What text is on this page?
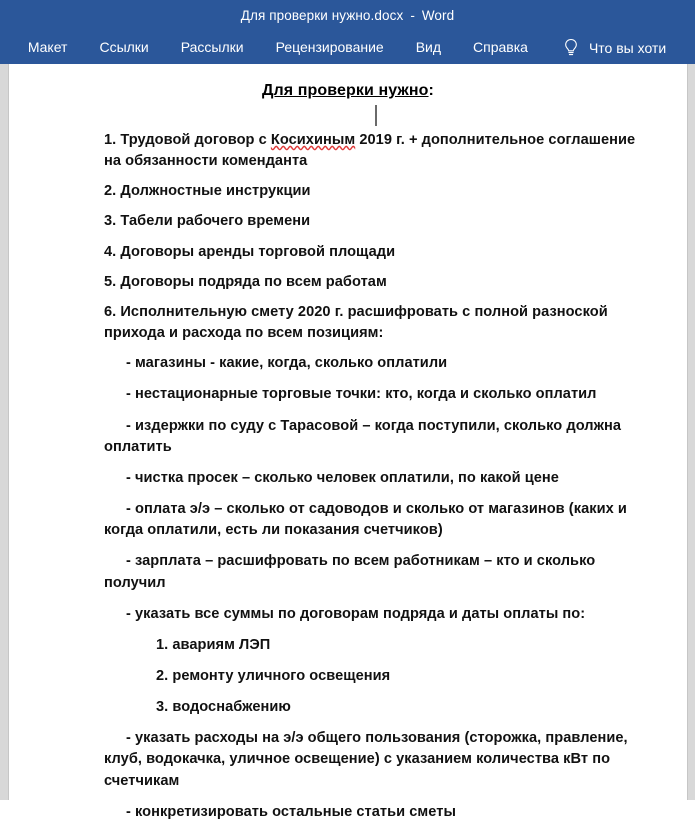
Для проверки нужно.docx - Word
Макет	Ссылки	Рассылки	Рецензирование	Вид	Справка	Что вы хоти
Для проверки нужно:

1. Трудовой договор с Косихиным 2019 г. + дополнительное соглашение на обязанности коменданта

2. Должностные инструкции

3. Табели рабочего времени

4. Договоры аренды торговой площади

5. Договоры подряда по всем работам

6. Исполнительную смету 2020 г. расшифровать с полной разноской прихода и расхода по всем позициям:

- магазины - какие, когда, сколько оплатили

- нестационарные торговые точки: кто, когда и сколько оплатил

- издержки по суду с Тарасовой – когда поступили, сколько должна оплатить

- чистка просек – сколько человек оплатили, по какой цене

- оплата э/э – сколько от садоводов и сколько от магазинов (каких и когда оплатили, есть ли показания счетчиков)

- зарплата – расшифровать по всем работникам – кто и сколько получил

- указать все суммы по договорам подряда и даты оплаты по:

1. авариям ЛЭП

2. ремонту уличного освещения

3. водоснабжению

- указать расходы на э/э общего пользования (сторожка, правление, клуб, водокачка, уличное освещение) с указанием количества кВт по счетчикам

- конкретизировать остальные статьи сметы
